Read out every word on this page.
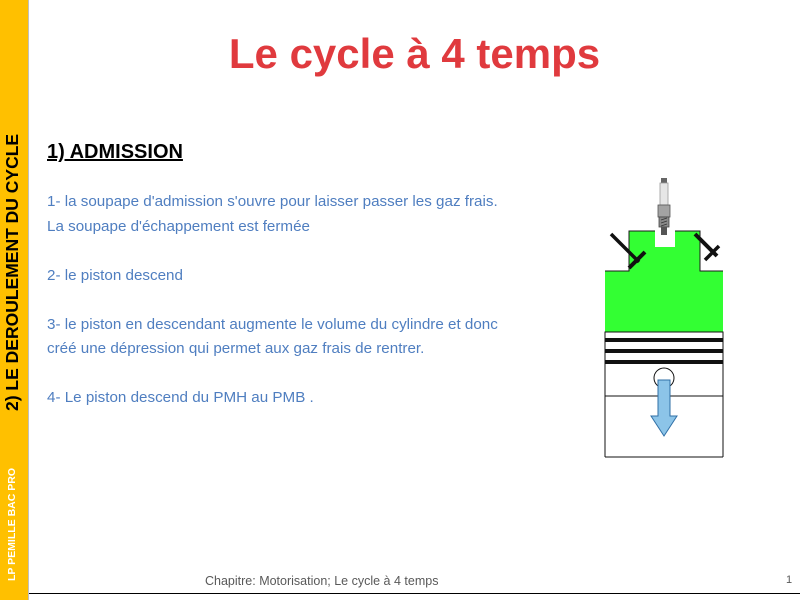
2) LE DEROULEMENT DU CYCLE
LP PEMILLE BAC PRO
Le cycle à 4 temps
1) ADMISSION

1- la soupape d'admission s'ouvre pour laisser passer les gaz frais. La soupape d'échappement est fermée

2- le piston descend

3- le piston en descendant augmente le volume du cylindre et donc créé une dépression qui permet aux gaz frais de rentrer.

4- Le piston descend du PMH au PMB .

Chapitre: Motorisation; Le cycle à 4 temps	1
